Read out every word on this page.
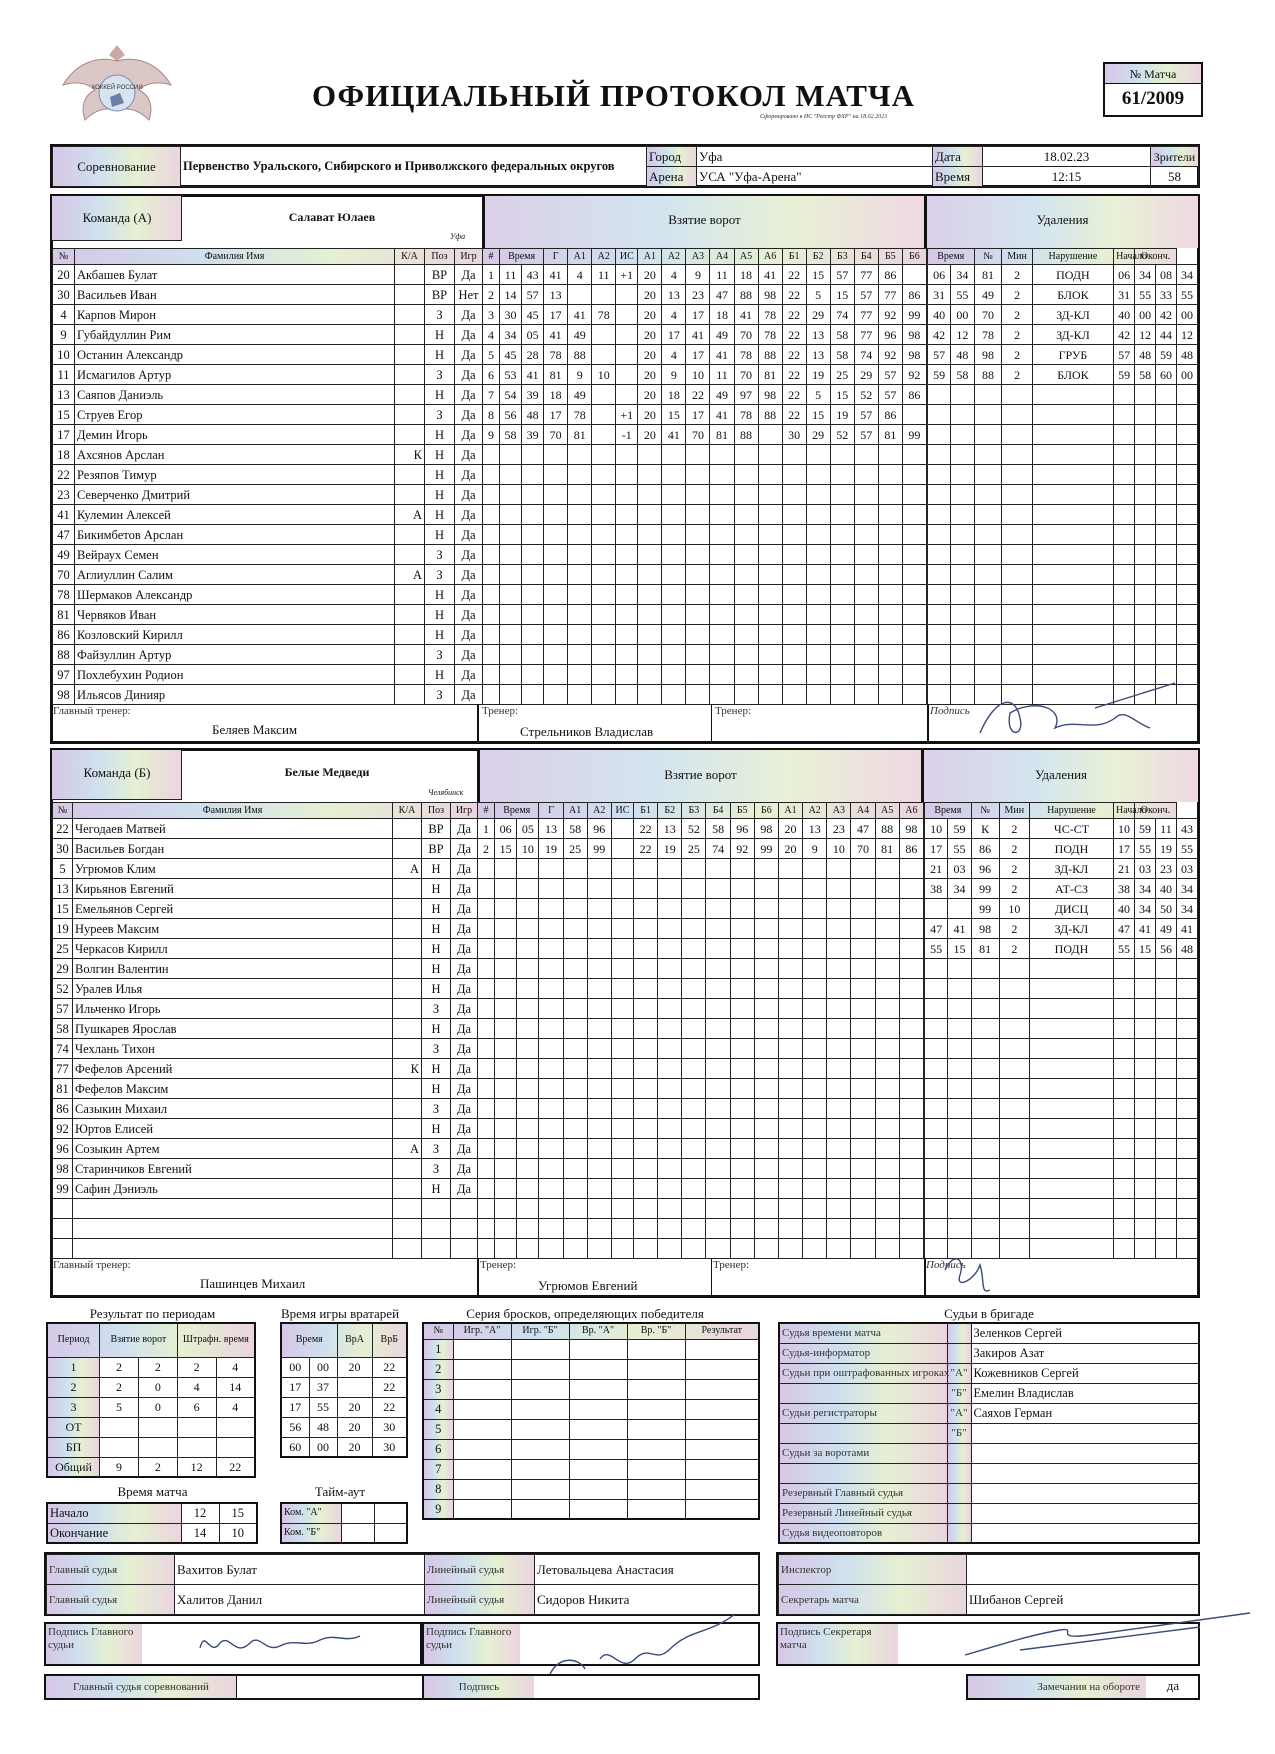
ХОККЕЙ РОССИИ	ОФИЦИАЛЬНЫЙ ПРОТОКОЛ МАТЧА
Сформировано в ИС "Реестр ФХР" на 18.02.2023
№ Матча
61/2009
Соревнование	Первенство Уральского, Сибирского и Приволжского федеральных округов	Город	Уфа	Дата	18.02.23	Зрители
		Арена	УСА "Уфа-Арена"	Время	12:15	58
Команда (А)	Салават Юлаев
Уфа
Взятие ворот	Удаления
№	Фамилия Имя	К/А	Поз	Игр
20	Акбашев Булат		ВР	Да
30	Васильев Иван		ВР	Нет
4	Карпов Мирон		З	Да
9	Губайдуллин Рим		Н	Да
10	Останин Александр		Н	Да
11	Исмагилов Артур		З	Да
13	Саяпов Даниэль		Н	Да
15	Струев Егор		З	Да
17	Демин Игорь		Н	Да
18	Ахсянов Арслан	К	Н	Да
22	Резяпов Тимур		Н	Да
23	Северченко Дмитрий		Н	Да
41	Кулемин Алексей	А	Н	Да
47	Бикимбетов Арслан		Н	Да
49	Вейраух Семен		З	Да
70	Аглиуллин Салим	А	З	Да
78	Шермаков Александр		Н	Да
81	Червяков Иван		Н	Да
86	Козловский Кирилл		Н	Да
88	Файзуллин Артур		З	Да
97	Похлебухин Родион		Н	Да
98	Ильясов Динияр		З	Да
#	Время		Г	А1	А2	ИС	А1	А2	А3	А4	А5	А6	Б1	Б2	Б3	Б4	Б5	Б6
1	11	43	41	4	11	+1	20	4	9	11	18	41	22	15	57	77	86	
2	14	57	13				20	13	23	47	88	98	22	5	15	57	77	86
3	30	45	17	41	78		20	4	17	18	41	78	22	29	74	77	92	99
4	34	05	41	49			20	17	41	49	70	78	22	13	58	77	96	98
5	45	28	78	88			20	4	17	41	78	88	22	13	58	74	92	98
6	53	41	81	9	10		20	9	10	11	70	81	22	19	25	29	57	92
7	54	39	18	49			20	18	22	49	97	98	22	5	15	52	57	86
8	56	48	17	78		+1	20	15	17	41	78	88	22	15	19	57	86	
9	58	39	70	81		-1	20	41	70	81	88		30	29	52	57	81	99

Время		№	Мин	Нарушение	Начало	Оконч.		
06	34	81	2	ПОДН	06	34	08	34
31	55	49	2	БЛОК	31	55	33	55
40	00	70	2	ЗД-КЛ	40	00	42	00
42	12	78	2	ЗД-КЛ	42	12	44	12
57	48	98	2	ГРУБ	57	48	59	48
59	58	88	2	БЛОК	59	58	60	00

Главный тренер:
Беляев Максим
Тренер:
Стрельников Владислав
Тренер:	Подпись
Команда (Б)	Белые Медведи
Челябинск
Взятие ворот	Удаления
№	Фамилия Имя	К/А	Поз	Игр
22	Чегодаев Матвей		ВР	Да
30	Васильев Богдан		ВР	Да
5	Угрюмов Клим	А	Н	Да
13	Кирьянов Евгений		Н	Да
15	Емельянов Сергей		Н	Да
19	Нуреев Максим		Н	Да
25	Черкасов Кирилл		Н	Да
29	Волгин Валентин		Н	Да
52	Уралев Илья		Н	Да
57	Ильченко Игорь		З	Да
58	Пушкарев Ярослав		Н	Да
74	Чехлань Тихон		З	Да
77	Фефелов Арсений	К	Н	Да
81	Фефелов Максим		Н	Да
86	Сазыкин Михаил		З	Да
92	Юртов Елисей		Н	Да
96	Созыкин Артем	А	З	Да
98	Старинчиков Евгений		З	Да
99	Сафин Дэниэль		Н	Да

#	Время		Г	А1	А2	ИС	Б1	Б2	Б3	Б4	Б5	Б6	А1	А2	А3	А4	А5	А6
1	06	05	13	58	96		22	13	52	58	96	98	20	13	23	47	88	98
2	15	10	19	25	99		22	19	25	74	92	99	20	9	10	70	81	86

Время		№	Мин	Нарушение	Начало	Оконч.		
10	59	К	2	ЧС-СТ	10	59	11	43
17	55	86	2	ПОДН	17	55	19	55
21	03	96	2	ЗД-КЛ	21	03	23	03
38	34	99	2	АТ-СЗ	38	34	40	34
		99	10	ДИСЦ	40	34	50	34
47	41	98	2	ЗД-КЛ	47	41	49	41
55	15	81	2	ПОДН	55	15	56	48

Главный тренер:
Пашинцев Михаил
Тренер:
Угрюмов Евгений
Тренер:	Подпись
Результат по периодам
Период	Взятие ворот		Штрафн. время	
1	2	2	2	4
2	2	0	4	14
3	5	0	6	4
ОТ				
БП				
Общий	9	2	12	22
Время матча
Начало	12	15
Окончание	14	10
Время игры вратарей
Время		ВрА	ВрБ
00	00	20	22
17	37		22
17	55	20	22
56	48	20	30
60	00	20	30
Тайм-аут
Ком. "А"		
Ком. "Б"		
Серия бросков, определяющих победителя
№	Игр. "А"	Игр. "Б"	Вр. "А"	Вр. "Б"	Результат
1					
2					
3					
4					
5					
6					
7					
8					
9					
Судьи в бригаде
Судья времени матча		Зеленков Сергей
Судья-информатор		Закиров Азат
Судьи при оштрафованных игроках	"А"	Кожевников Сергей
	"Б"	Емелин Владислав
Судьи регистраторы	"А"	Саяхов Герман
	"Б"	
Судьи за воротами		

Резервный Главный судья		
Резервный Линейный судья		
Судья видеоповторов		
Главный судья	Вахитов Булат	Линейный судья	Летовальцева Анастасия
Главный судья	Халитов Данил	Линейный судья	Сидоров Никита
Инспектор	
Секретарь матча	Шибанов Сергей
Подпись Главного судьи
Подпись Главного судьи
Подпись Секретаря матча
Главный судья соревнований	Подпись	Замечания на обороте	да
